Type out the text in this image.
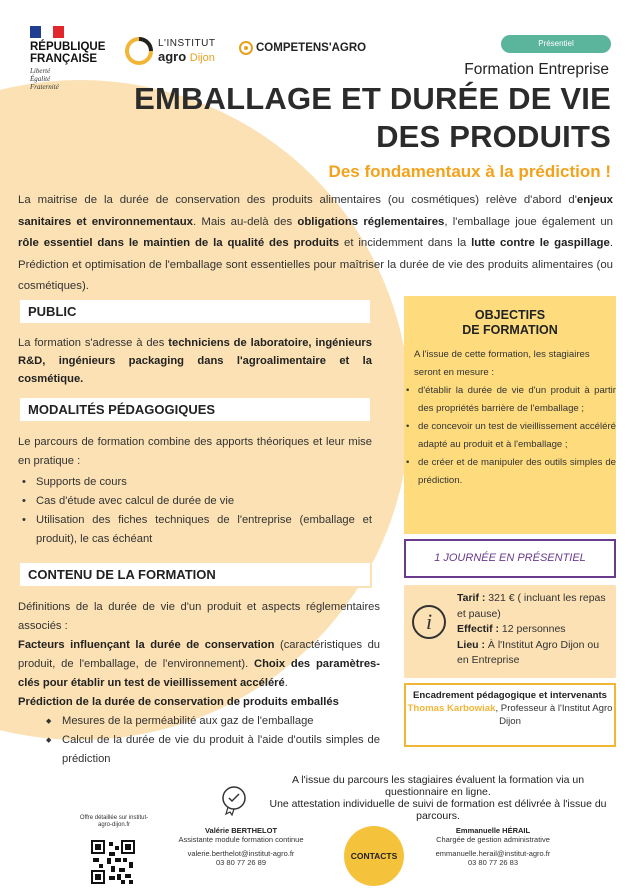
RÉPUBLIQUE
FRANÇAISE
Liberté
Égalité
Fraternité
L'INSTITUT
agro Dijon
COMPETENS'AGRO	Présentiel
Formation Entreprise
EMBALLAGE ET DURÉE DE VIE
DES PRODUITS
Des fondamentaux à la prédiction !
La maitrise de la durée de conservation des produits alimentaires (ou cosmétiques) relève d'abord d'enjeux sanitaires et environnementaux. Mais au-delà des obligations réglementaires, l'emballage joue également un rôle essentiel dans le maintien de la qualité des produits et incidemment dans la lutte contre le gaspillage. Prédiction et optimisation de l'emballage sont essentielles pour maîtriser la durée de vie des produits alimentaires (ou cosmétiques).
PUBLIC
La formation s'adresse à des techniciens de laboratoire, ingénieurs R&D, ingénieurs packaging dans l'agroalimentaire et la cosmétique.
MODALITÉS PÉDAGOGIQUES
Le parcours de formation combine des apports théoriques et leur mise en pratique :
• Supports de cours
• Cas d'étude avec calcul de durée de vie
• Utilisation des fiches techniques de l'entreprise (emballage et produit), le cas échéant
CONTENU DE LA FORMATION
Définitions de la durée de vie d'un produit et aspects réglementaires associés :
Facteurs influençant la durée de conservation (caractéristiques du produit, de l'emballage, de l'environnement). Choix des paramètres-clés pour établir un test de vieillissement accéléré.
Prédiction de la durée de conservation de produits emballés
◆ Mesures de la perméabilité aux gaz de l'emballage
◆ Calcul de la durée de vie du produit à l'aide d'outils simples de prédiction
OBJECTIFS
DE FORMATION
A l'issue de cette formation, les stagiaires seront en mesure :
• d'établir la durée de vie d'un produit à partir des propriétés barrière de l'emballage ;
• de concevoir un test de vieillissement accéléré adapté au produit et à l'emballage ;
• de créer et de manipuler des outils simples de prédiction.
1 JOURNÉE EN PRÉSENTIEL
i
Tarif : 321 € ( incluant les repas et pause)
Effectif : 12 personnes
Lieu : À l'Institut Agro Dijon ou en Entreprise
Encadrement pédagogique et intervenants
Thomas Karbowiak, Professeur à l'Institut Agro Dijon
A l'issue du parcours les stagiaires évaluent la formation via un questionnaire en ligne.
Une attestation individuelle de suivi de formation est délivrée à l'issue du parcours.
Offre détaillée sur institut-agro-dijon.fr
Valérie BERTHELOT
Assistante module formation continue
valerie.berthelot@institut-agro.fr
03 80 77 26 89
CONTACTS
Emmanuelle HÉRAIL
Chargée de gestion administrative
emmanuelle.herail@institut-agro.fr
03 80 77 26 83
